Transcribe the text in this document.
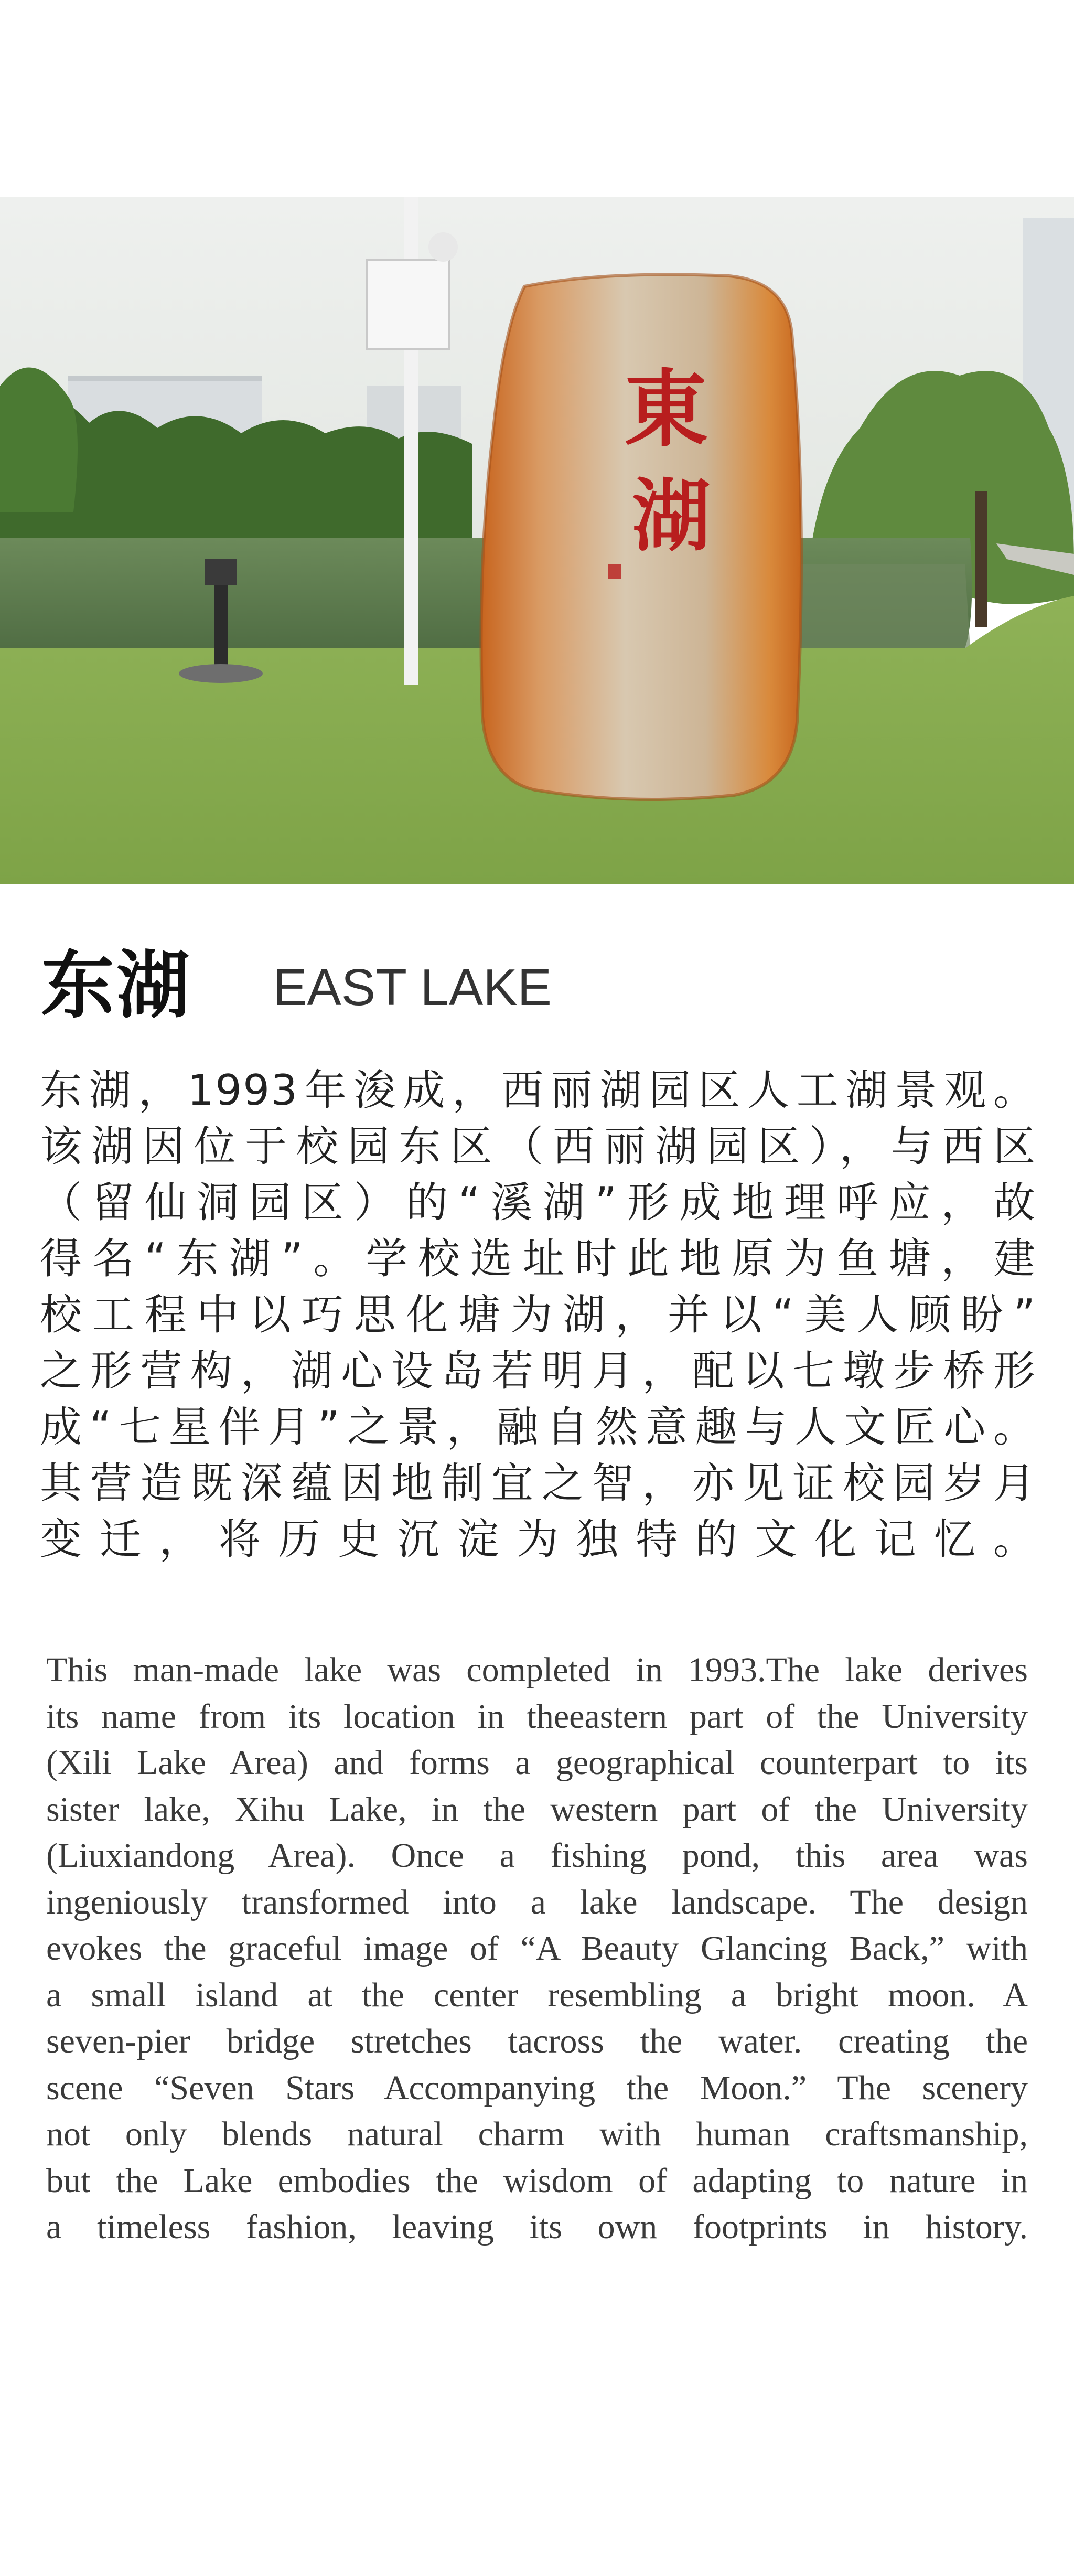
東
湖
东湖 EAST LAKE
东湖，1993年浚成，西丽湖园区人工湖景观。
该湖因位于校园东区（西丽湖园区），与西区
（留仙洞园区）的“溪湖”形成地理呼应，故
得名“东湖”。学校选址时此地原为鱼塘，建
校工程中以巧思化塘为湖，并以“美人顾盼”
之形营构，湖心设岛若明月，配以七墩步桥形
成“七星伴月”之景，融自然意趣与人文匠心。
其营造既深蕴因地制宜之智，亦见证校园岁月
变迁，将历史沉淀为独特的文化记忆。
This man-made lake was completed in 1993.The lake derives
its name from its location in theeastern part of the University
(Xili Lake Area) and forms a geographical counterpart to its
sister lake, Xihu Lake, in the western part of the University
(Liuxiandong Area). Once a fishing pond, this area was
ingeniously transformed into a lake landscape. The design
evokes the graceful image of “A Beauty Glancing Back,” with
a small island at the center resembling a bright moon. A
seven-pier bridge stretches tacross the water. creating the
scene “Seven Stars Accompanying the Moon.” The scenery
not only blends natural charm with human craftsmanship,
but the Lake embodies the wisdom of adapting to nature in
a timeless fashion, leaving its own footprints in history.
